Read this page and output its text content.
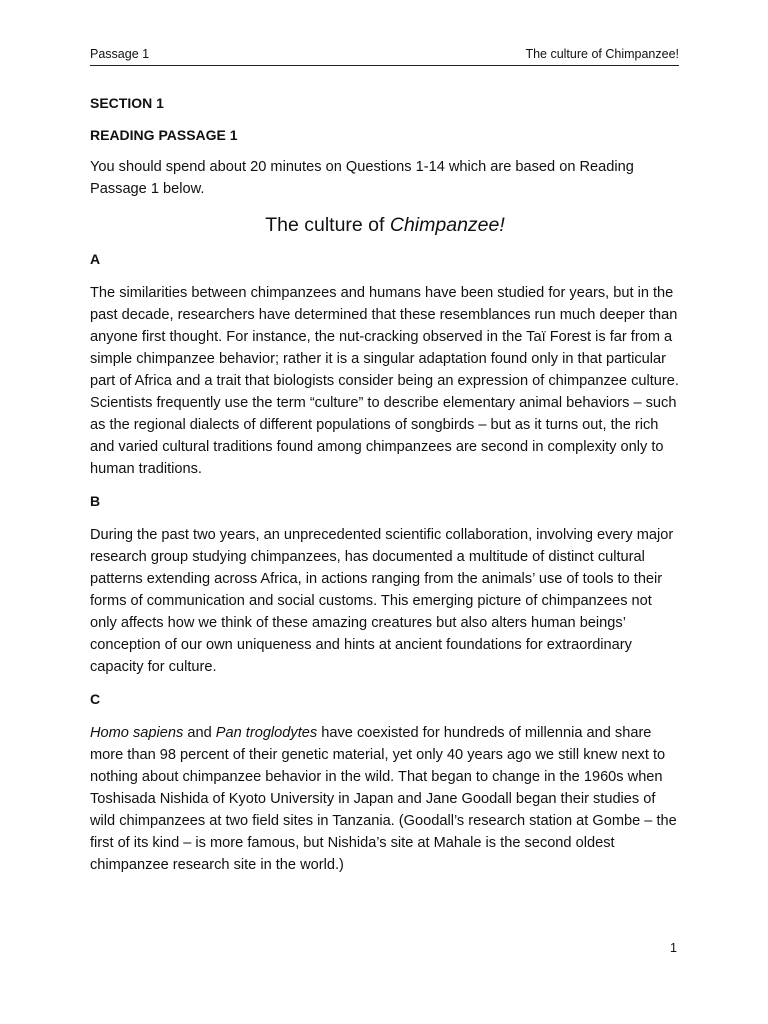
Passage 1	The culture of Chimpanzee!

SECTION 1

READING PASSAGE 1

You should spend about 20 minutes on Questions 1-14 which are based on Reading Passage 1 below.

The culture of Chimpanzee!
A

The similarities between chimpanzees and humans have been studied for years, but in the past decade, researchers have determined that these resemblances run much deeper than anyone first thought. For instance, the nut-cracking observed in the Taï Forest is far from a simple chimpanzee behavior; rather it is a singular adaptation found only in that particular part of Africa and a trait that biologists consider being an expression of chimpanzee culture. Scientists frequently use the term “culture” to describe elementary animal behaviors – such as the regional dialects of different populations of songbirds – but as it turns out, the rich and varied cultural traditions found among chimpanzees are second in complexity only to human traditions.

B

During the past two years, an unprecedented scientific collaboration, involving every major research group studying chimpanzees, has documented a multitude of distinct cultural patterns extending across Africa, in actions ranging from the animals’ use of tools to their forms of communication and social customs. This emerging picture of chimpanzees not only affects how we think of these amazing creatures but also alters human beings’ conception of our own uniqueness and hints at ancient foundations for extraordinary capacity for culture.

C

Homo sapiens and Pan troglodytes have coexisted for hundreds of millennia and share more than 98 percent of their genetic material, yet only 40 years ago we still knew next to nothing about chimpanzee behavior in the wild. That began to change in the 1960s when Toshisada Nishida of Kyoto University in Japan and Jane Goodall began their studies of wild chimpanzees at two field sites in Tanzania. (Goodall’s research station at Gombe – the first of its kind – is more famous, but Nishida’s site at Mahale is the second oldest chimpanzee research site in the world.)

1
